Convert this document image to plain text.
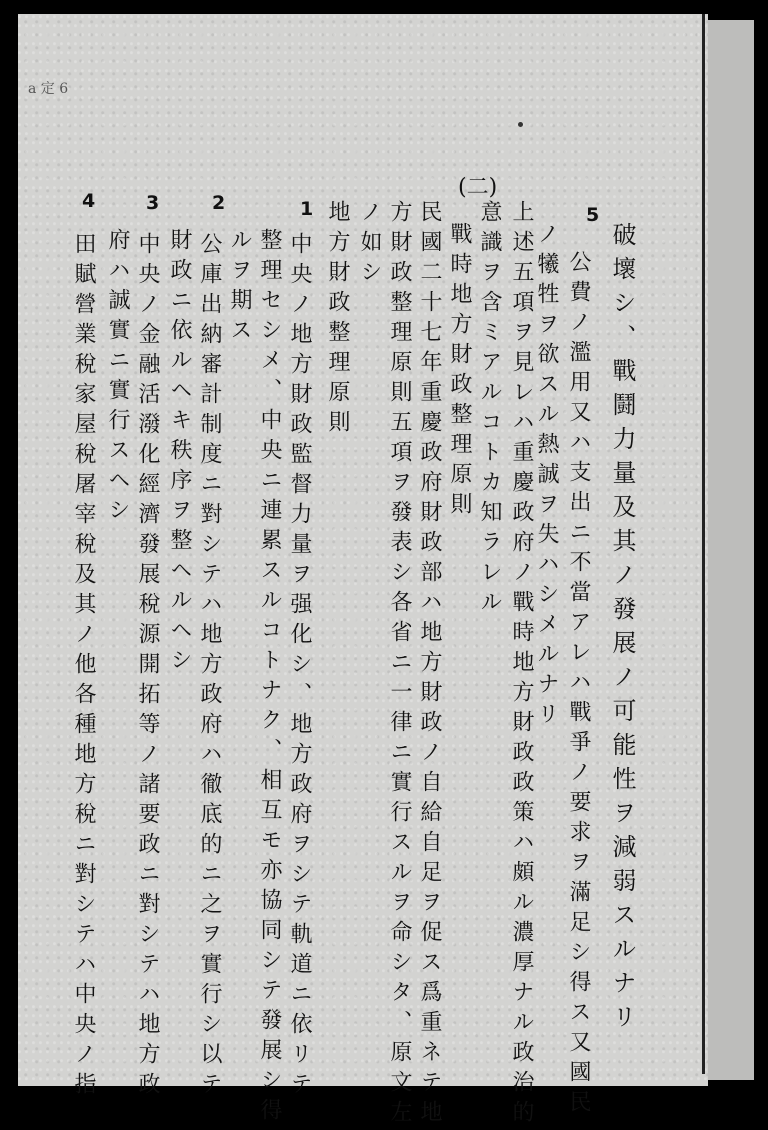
a 定 6
(二)
5
1
2
3
4
破壞シ、戰鬪力量及其ノ發展ノ可能性ヲ減弱スルナリ
公費ノ濫用又ハ支出ニ不當アレハ戰爭ノ要求ヲ滿足シ得ス又國民
ノ犧牲ヲ欲スル熱誠ヲ失ハシメルナリ
上述五項ヲ見レハ重慶政府ノ戰時地方財政政策ハ頗ル濃厚ナル政治的
意識ヲ含ミアルコトカ知ラレル
戰時地方財政整理原則
民國二十七年重慶政府財政部ハ地方財政ノ自給自足ヲ促ス爲重ネテ地
方財政整理原則五項ヲ發表シ各省ニ一律ニ實行スルヲ命シタ、原文左
ノ如シ
地方財政整理原則
中央ノ地方財政監督力量ヲ强化シ、地方政府ヲシテ軌道ニ依リテ
整理セシメ、中央ニ連累スルコトナク、相互モ亦協同シテ發展シ得
ルヲ期ス
公庫出納審計制度ニ對シテハ地方政府ハ徹底的ニ之ヲ實行シ以テ
財政ニ依ルヘキ秩序ヲ整ヘルヘシ
中央ノ金融活潑化經濟發展稅源開拓等ノ諸要政ニ對シテハ地方政
府ハ誠實ニ實行スヘシ
田賦營業稅家屋稅屠宰稅及其ノ他各種地方稅ニ對シテハ中央ノ指
